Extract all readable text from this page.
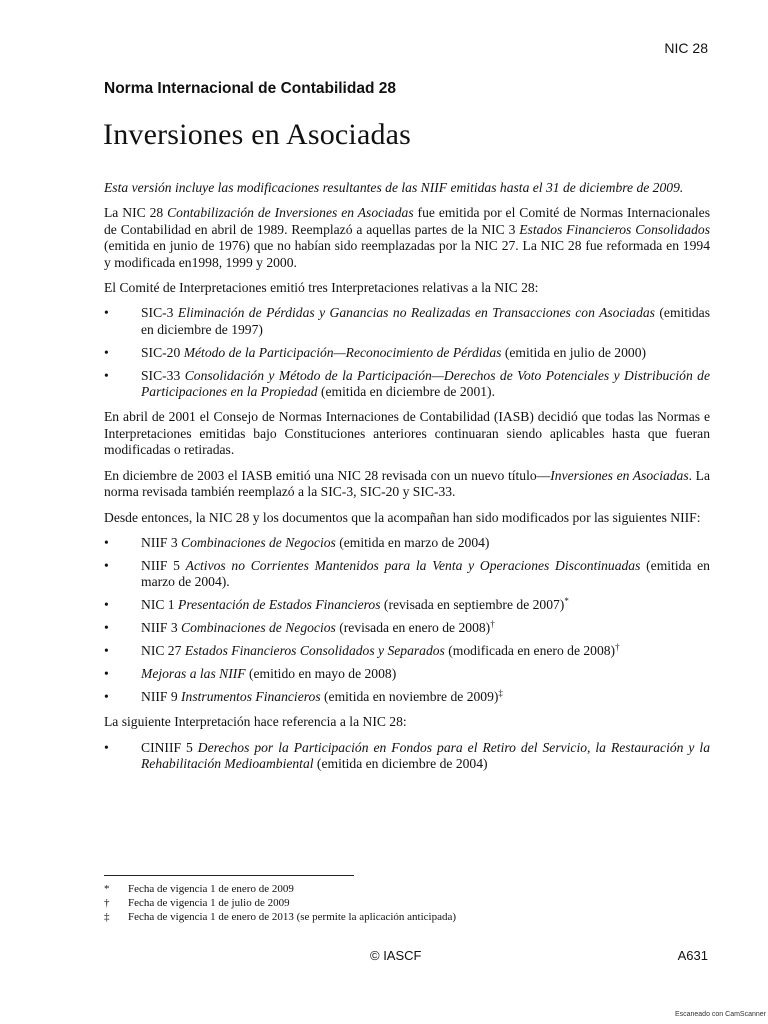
NIC 28
Norma Internacional de Contabilidad 28
Inversiones en Asociadas

Esta versión incluye las modificaciones resultantes de las NIIF emitidas hasta el 31 de diciembre de 2009.

La NIC 28 Contabilización de Inversiones en Asociadas fue emitida por el Comité de Normas Internacionales de Contabilidad en abril de 1989. Reemplazó a aquellas partes de la NIC 3 Estados Financieros Consolidados (emitida en junio de 1976) que no habían sido reemplazadas por la NIC 27. La NIC 28 fue reformada en 1994 y modificada en1998, 1999 y 2000.

El Comité de Interpretaciones emitió tres Interpretaciones relativas a la NIC 28:

•	SIC-3 Eliminación de Pérdidas y Ganancias no Realizadas en Transacciones con Asociadas (emitidas en diciembre de 1997)
•	SIC-20 Método de la Participación—Reconocimiento de Pérdidas (emitida en julio de 2000)
•	SIC-33 Consolidación y Método de la Participación—Derechos de Voto Potenciales y Distribución de Participaciones en la Propiedad (emitida en diciembre de 2001).

En abril de 2001 el Consejo de Normas Internaciones de Contabilidad (IASB) decidió que todas las Normas e Interpretaciones emitidas bajo Constituciones anteriores continuaran siendo aplicables hasta que fueran modificadas o retiradas.

En diciembre de 2003 el IASB emitió una NIC 28 revisada con un nuevo título—Inversiones en Asociadas. La norma revisada también reemplazó a la SIC-3, SIC-20 y SIC-33.

Desde entonces, la NIC 28 y los documentos que la acompañan han sido modificados por las siguientes NIIF:

•	NIIF 3 Combinaciones de Negocios (emitida en marzo de 2004)
•	NIIF 5 Activos no Corrientes Mantenidos para la Venta y Operaciones Discontinuadas (emitida en marzo de 2004).
•	NIC 1 Presentación de Estados Financieros (revisada en septiembre de 2007)*
•	NIIF 3 Combinaciones de Negocios (revisada en enero de 2008)†
•	NIC 27 Estados Financieros Consolidados y Separados (modificada en enero de 2008)†
•	Mejoras a las NIIF (emitido en mayo de 2008)
•	NIIF 9 Instrumentos Financieros (emitida en noviembre de 2009)‡

La siguiente Interpretación hace referencia a la NIC 28:

•	CINIIF 5 Derechos por la Participación en Fondos para el Retiro del Servicio, la Restauración y la Rehabilitación Medioambiental (emitida en diciembre de 2004)
* Fecha de vigencia 1 de enero de 2009
† Fecha de vigencia 1 de julio de 2009
‡ Fecha de vigencia 1 de enero de 2013 (se permite la aplicación anticipada)
© IASCF	A631
Escaneado con CamScanner
